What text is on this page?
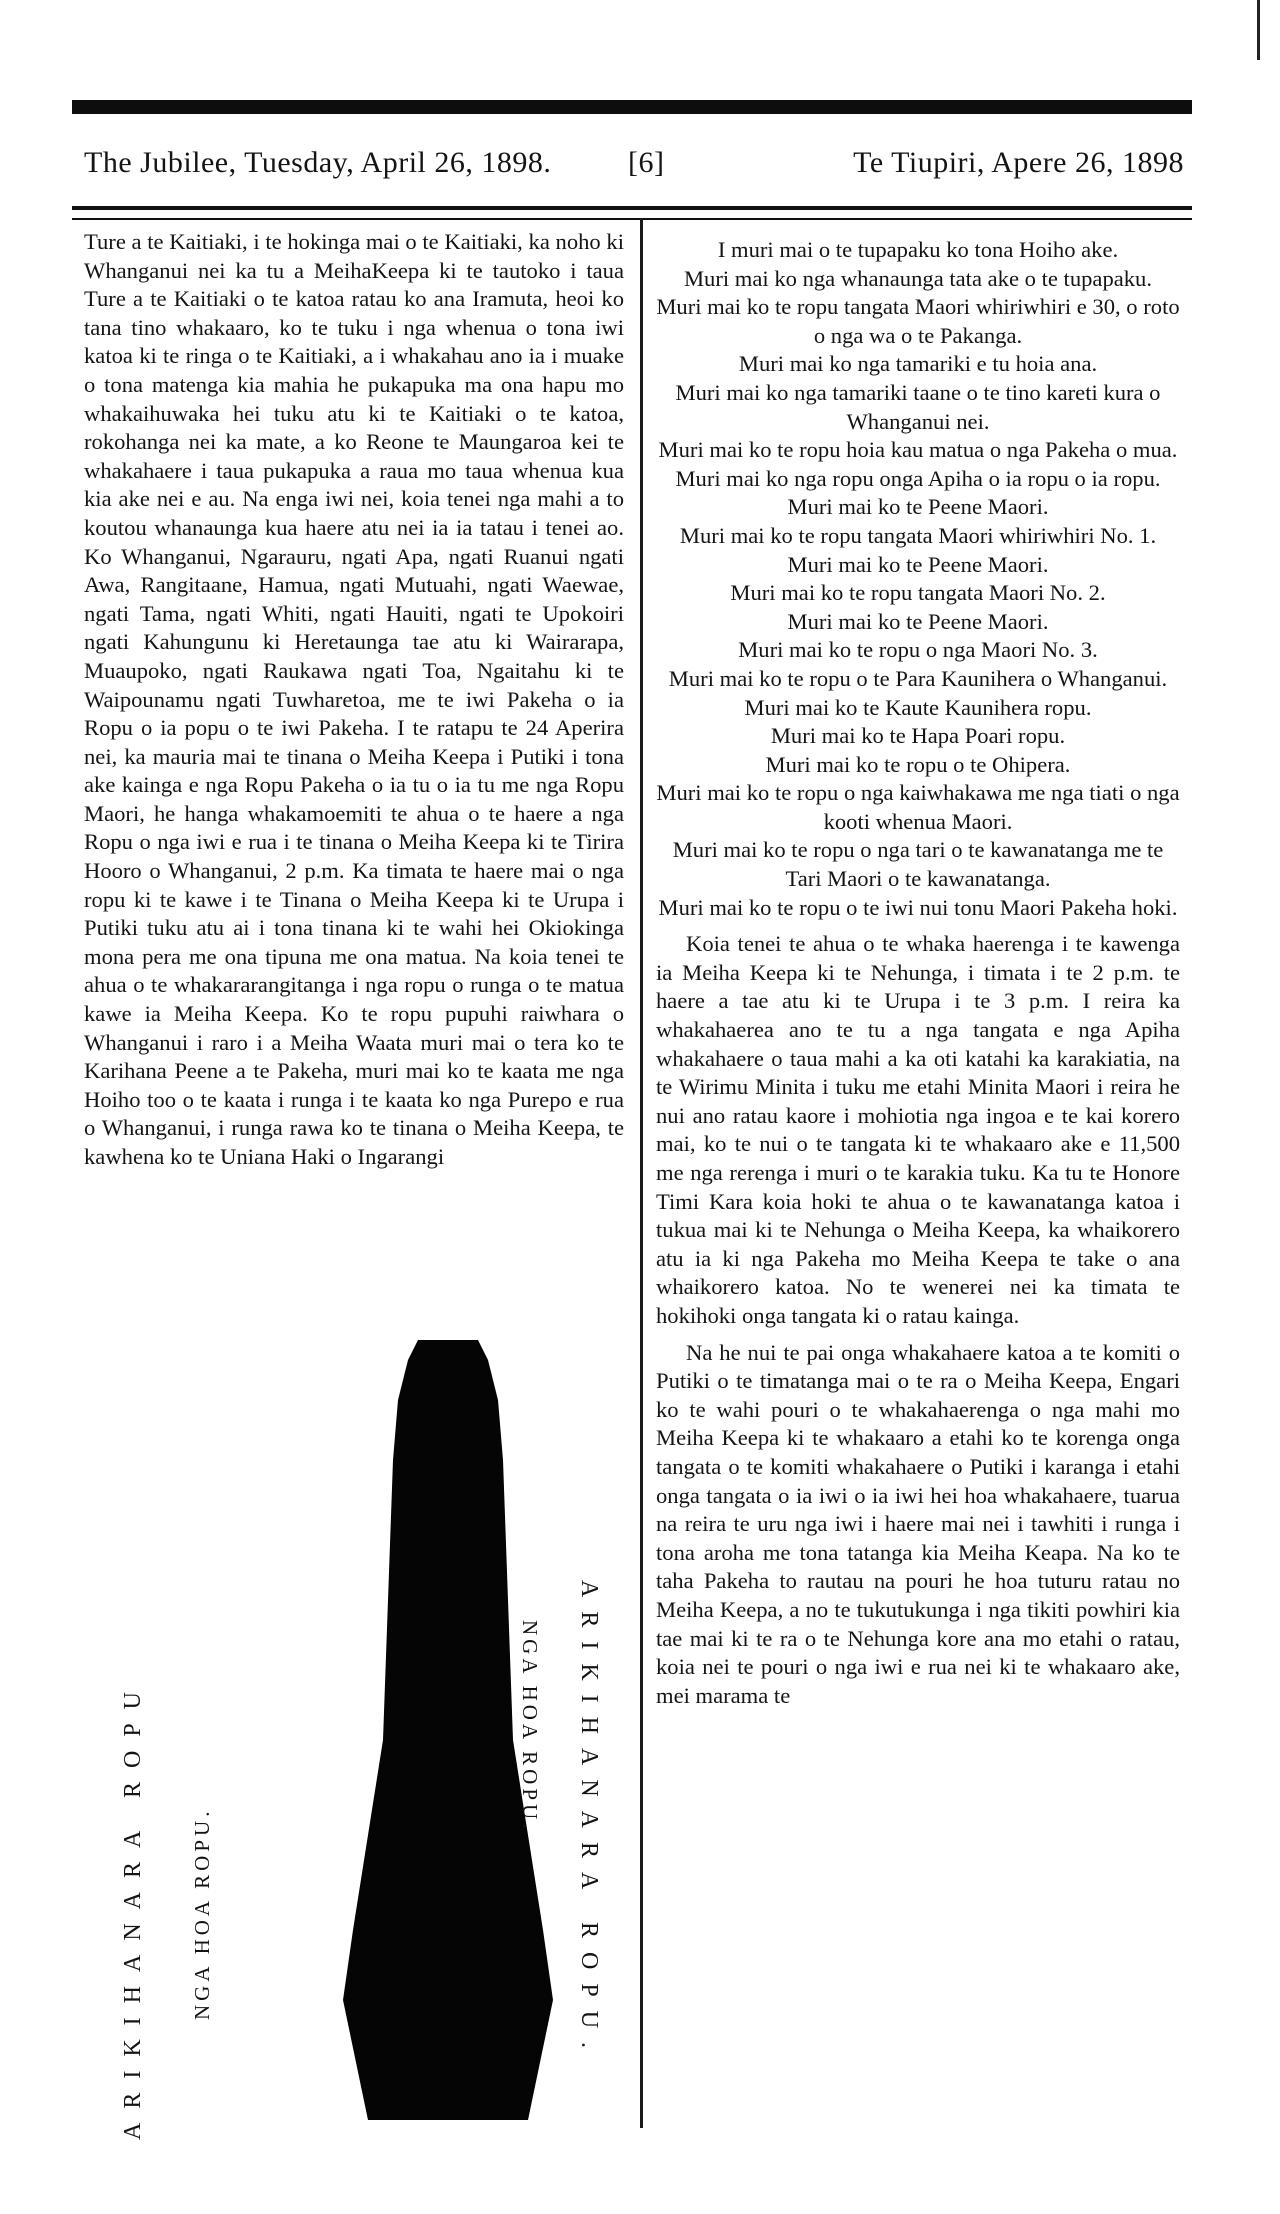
The Jubilee, Tuesday, April 26, 1898.	[6]	Te Tiupiri, Apere 26, 1898

Ture a te Kaitiaki, i te hokinga mai o te Kaitiaki, ka noho ki Whanganui nei ka tu a MeihaKeepa ki te tautoko i taua Ture a te Kaitiaki o te katoa ratau ko ana Iramuta, heoi ko tana tino whakaaro, ko te tuku i nga whenua o tona iwi katoa ki te ringa o te Kaitiaki, a i whakahau ano ia i muake o tona matenga kia mahia he pukapuka ma ona hapu mo whakaihuwaka hei tuku atu ki te Kaitiaki o te katoa, rokohanga nei ka mate, a ko Reone te Maungaroa kei te whakahaere i taua pukapuka a raua mo taua whenua kua kia ake nei e au. Na enga iwi nei, koia tenei nga mahi a to koutou whanaunga kua haere atu nei ia ia tatau i tenei ao. Ko Whanganui, Ngarauru, ngati Apa, ngati Ruanui ngati Awa, Rangitaane, Hamua, ngati Mutuahi, ngati Waewae, ngati Tama, ngati Whiti, ngati Hauiti, ngati te Upokoiri ngati Kahungunu ki Heretaunga tae atu ki Wairarapa, Muaupoko, ngati Raukawa ngati Toa, Ngaitahu ki te Waipounamu ngati Tuwharetoa, me te iwi Pakeha o ia Ropu o ia popu o te iwi Pakeha. I te ratapu te 24 Aperira nei, ka mauria mai te tinana o Meiha Keepa i Putiki i tona ake kainga e nga Ropu Pakeha o ia tu o ia tu me nga Ropu Maori, he hanga whakamoemiti te ahua o te haere a nga Ropu o nga iwi e rua i te tinana o Meiha Keepa ki te Tirira Hooro o Whanganui, 2 p.m. Ka timata te haere mai o nga ropu ki te kawe i te Tinana o Meiha Keepa ki te Urupa i Putiki tuku atu ai i tona tinana ki te wahi hei Okiokinga mona pera me ona tipuna me ona matua. Na koia tenei te ahua o te whakararangitanga i nga ropu o runga o te matua kawe ia Meiha Keepa. Ko te ropu pupuhi raiwhara o Whanganui i raro i a Meiha Waata muri mai o tera ko te Karihana Peene a te Pakeha, muri mai ko te kaata me nga Hoiho too o te kaata i runga i te kaata ko nga Purepo e rua o Whanganui, i runga rawa ko te tinana o Meiha Keepa, te kawhena ko te Uniana Haki o Ingarangi

ARIKIHANARA ROPU NGA HOA ROPU.	ARIKIHANARA ROPU.
NGA HOA ROPU.

I muri mai o te tupapaku ko tona Hoiho ake.

Muri mai ko nga whanaunga tata ake o te tupapaku.

Muri mai ko te ropu tangata Maori whiriwhiri e 30, o roto o nga wa o te Pakanga.

Muri mai ko nga tamariki e tu hoia ana.

Muri mai ko nga tamariki taane o te tino kareti kura o Whanganui nei.

Muri mai ko te ropu hoia kau matua o nga Pakeha o mua.

Muri mai ko nga ropu onga Apiha o ia ropu o ia ropu.

Muri mai ko te Peene Maori.

Muri mai ko te ropu tangata Maori whiriwhiri No. 1.

Muri mai ko te Peene Maori.

Muri mai ko te ropu tangata Maori No. 2.

Muri mai ko te Peene Maori.

Muri mai ko te ropu o nga Maori No. 3.

Muri mai ko te ropu o te Para Kaunihera o Whanganui.

Muri mai ko te Kaute Kaunihera ropu.

Muri mai ko te Hapa Poari ropu.

Muri mai ko te ropu o te Ohipera.

Muri mai ko te ropu o nga kaiwhakawa me nga tiati o nga kooti whenua Maori.

Muri mai ko te ropu o nga tari o te kawanatanga me te Tari Maori o te kawanatanga.

Muri mai ko te ropu o te iwi nui tonu Maori Pakeha hoki.

Koia tenei te ahua o te whaka haerenga i te kawenga ia Meiha Keepa ki te Nehunga, i timata i te 2 p.m. te haere a tae atu ki te Urupa i te 3 p.m. I reira ka whakahaerea ano te tu a nga tangata e nga Apiha whakahaere o taua mahi a ka oti katahi ka karakiatia, na te Wirimu Minita i tuku me etahi Minita Maori i reira he nui ano ratau kaore i mohiotia nga ingoa e te kai korero mai, ko te nui o te tangata ki te whakaaro ake e 11,500 me nga rerenga i muri o te karakia tuku. Ka tu te Honore Timi Kara koia hoki te ahua o te kawanatanga katoa i tukua mai ki te Nehunga o Meiha Keepa, ka whaikorero atu ia ki nga Pakeha mo Meiha Keepa te take o ana whaikorero katoa. No te wenerei nei ka timata te hokihoki onga tangata ki o ratau kainga.

Na he nui te pai onga whakahaere katoa a te komiti o Putiki o te timatanga mai o te ra o Meiha Keepa, Engari ko te wahi pouri o te whakahaerenga o nga mahi mo Meiha Keepa ki te whakaaro a etahi ko te korenga onga tangata o te komiti whakahaere o Putiki i karanga i etahi onga tangata o ia iwi o ia iwi hei hoa whakahaere, tuarua na reira te uru nga iwi i haere mai nei i tawhiti i runga i tona aroha me tona tatanga kia Meiha Keapa. Na ko te taha Pakeha to rautau na pouri he hoa tuturu ratau no Meiha Keepa, a no te tukutukunga i nga tikiti powhiri kia tae mai ki te ra o te Nehunga kore ana mo etahi o ratau, koia nei te pouri o nga iwi e rua nei ki te whakaaro ake, mei marama te
